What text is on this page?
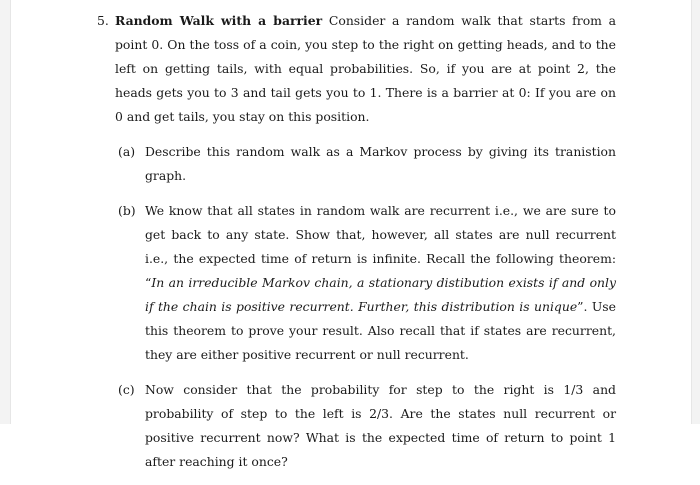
5. Random Walk with a barrier Consider a random walk that starts from a point 0. On the toss of a coin, you step to the right on getting heads, and to the left on getting tails, with equal probabilities. So, if you are at point 2, the heads gets you to 3 and tail gets you to 1. There is a barrier at 0: If you are on 0 and get tails, you stay on this position.
(a) Describe this random walk as a Markov process by giving its tranistion graph.
(b) We know that all states in random walk are recurrent i.e., we are sure to get back to any state. Show that, however, all states are null recurrent i.e., the expected time of return is infinite. Recall the following theorem: “In an irreducible Markov chain, a stationary distibution exists if and only if the chain is positive recurrent. Further, this distribution is unique”. Use this theorem to prove your result. Also recall that if states are recurrent, they are either positive recurrent or null recurrent.
(c) Now consider that the probability for step to the right is 1/3 and probability of step to the left is 2/3. Are the states null recurrent or positive recurrent now? What is the expected time of return to point 1 after reaching it once?
